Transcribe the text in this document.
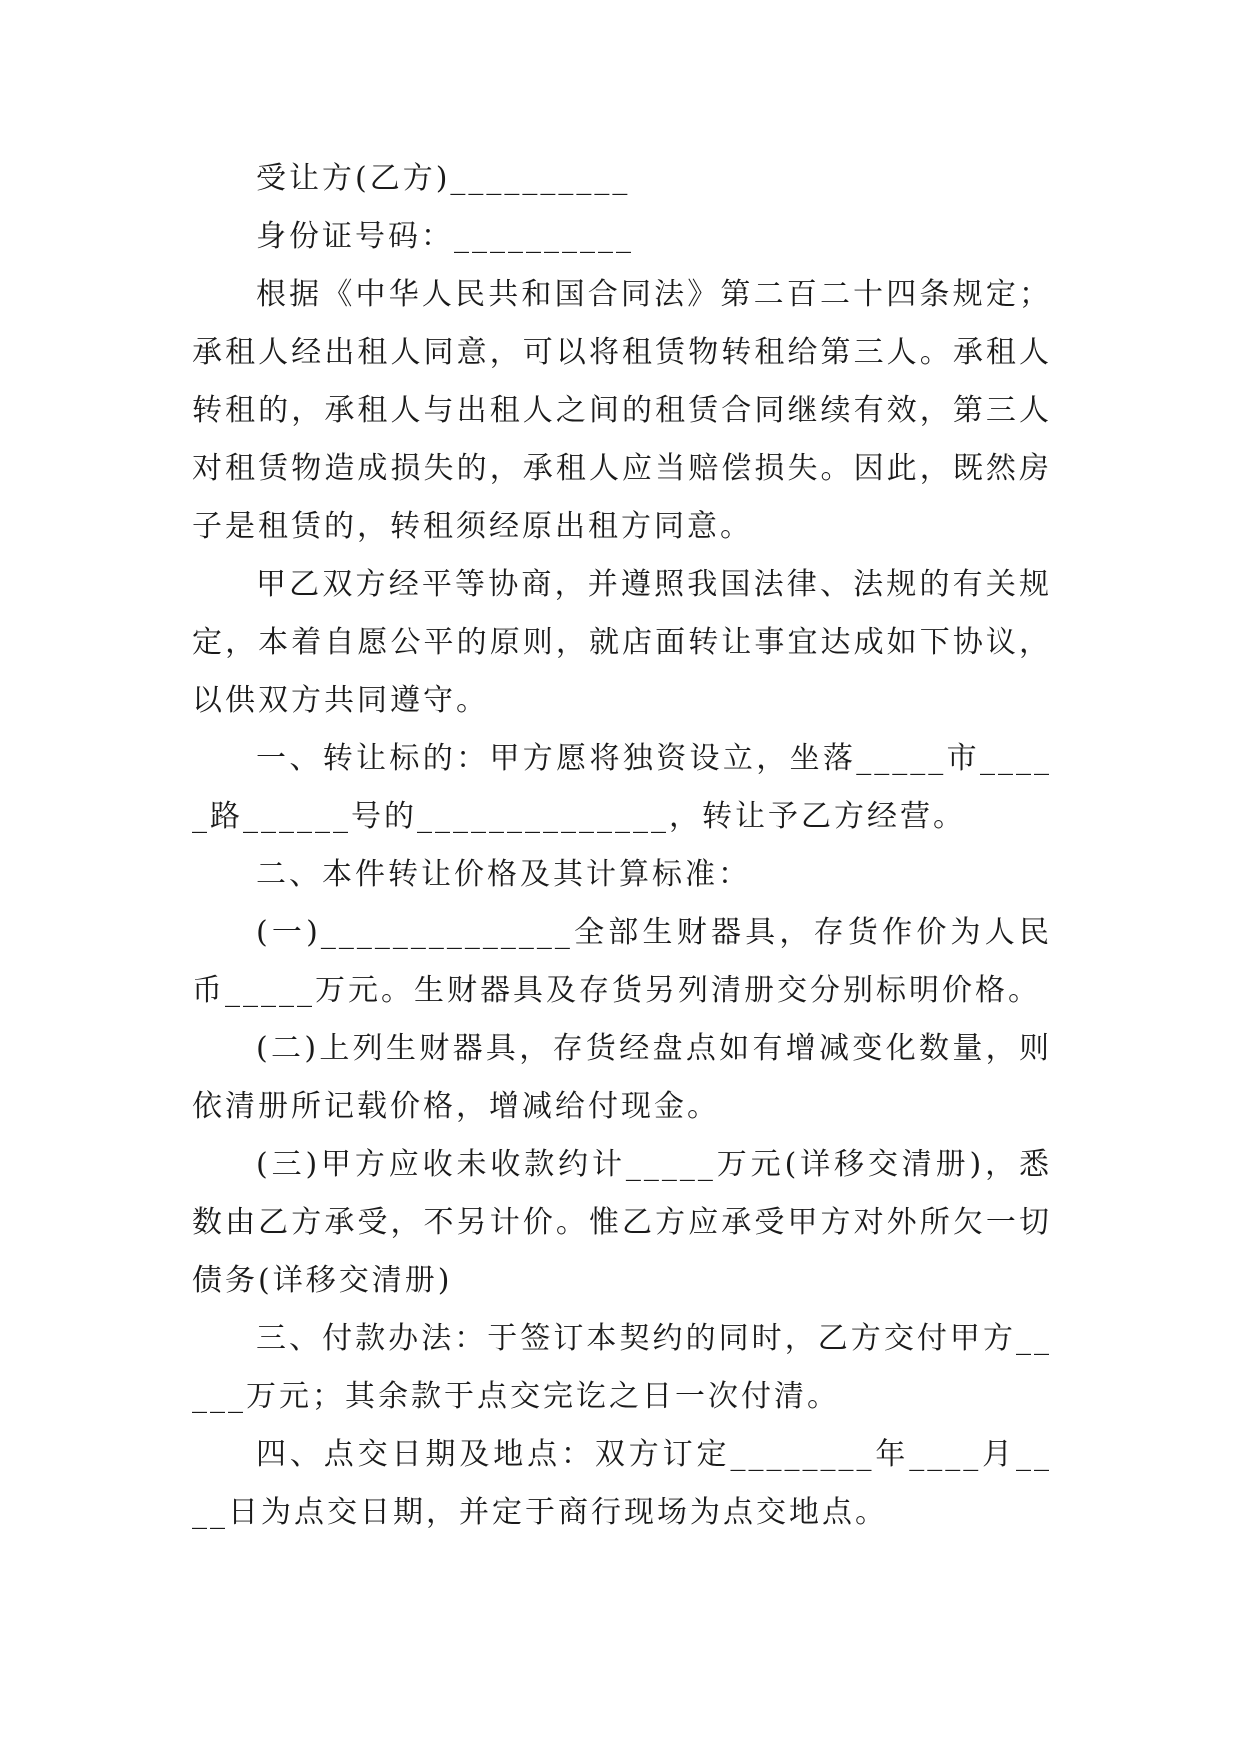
受让方(乙方)__________

身份证号码：__________

根据《中华人民共和国合同法》第二百二十四条规定；承租人经出租人同意，可以将租赁物转租给第三人。承租人转租的，承租人与出租人之间的租赁合同继续有效，第三人对租赁物造成损失的，承租人应当赔偿损失。因此，既然房子是租赁的，转租须经原出租方同意。

甲乙双方经平等协商，并遵照我国法律、法规的有关规定，本着自愿公平的原则，就店面转让事宜达成如下协议，以供双方共同遵守。

一、转让标的：甲方愿将独资设立，坐落_____市_____路______号的______________，转让予乙方经营。

二、本件转让价格及其计算标准：

(一)______________全部生财器具，存货作价为人民币_____万元。生财器具及存货另列清册交分别标明价格。

(二)上列生财器具，存货经盘点如有增减变化数量，则依清册所记载价格，增减给付现金。

(三)甲方应收未收款约计_____万元(详移交清册)，悉数由乙方承受，不另计价。惟乙方应承受甲方对外所欠一切债务(详移交清册)

三、付款办法：于签订本契约的同时，乙方交付甲方_____万元；其余款于点交完讫之日一次付清。

四、点交日期及地点：双方订定________年____月____日为点交日期，并定于商行现场为点交地点。
